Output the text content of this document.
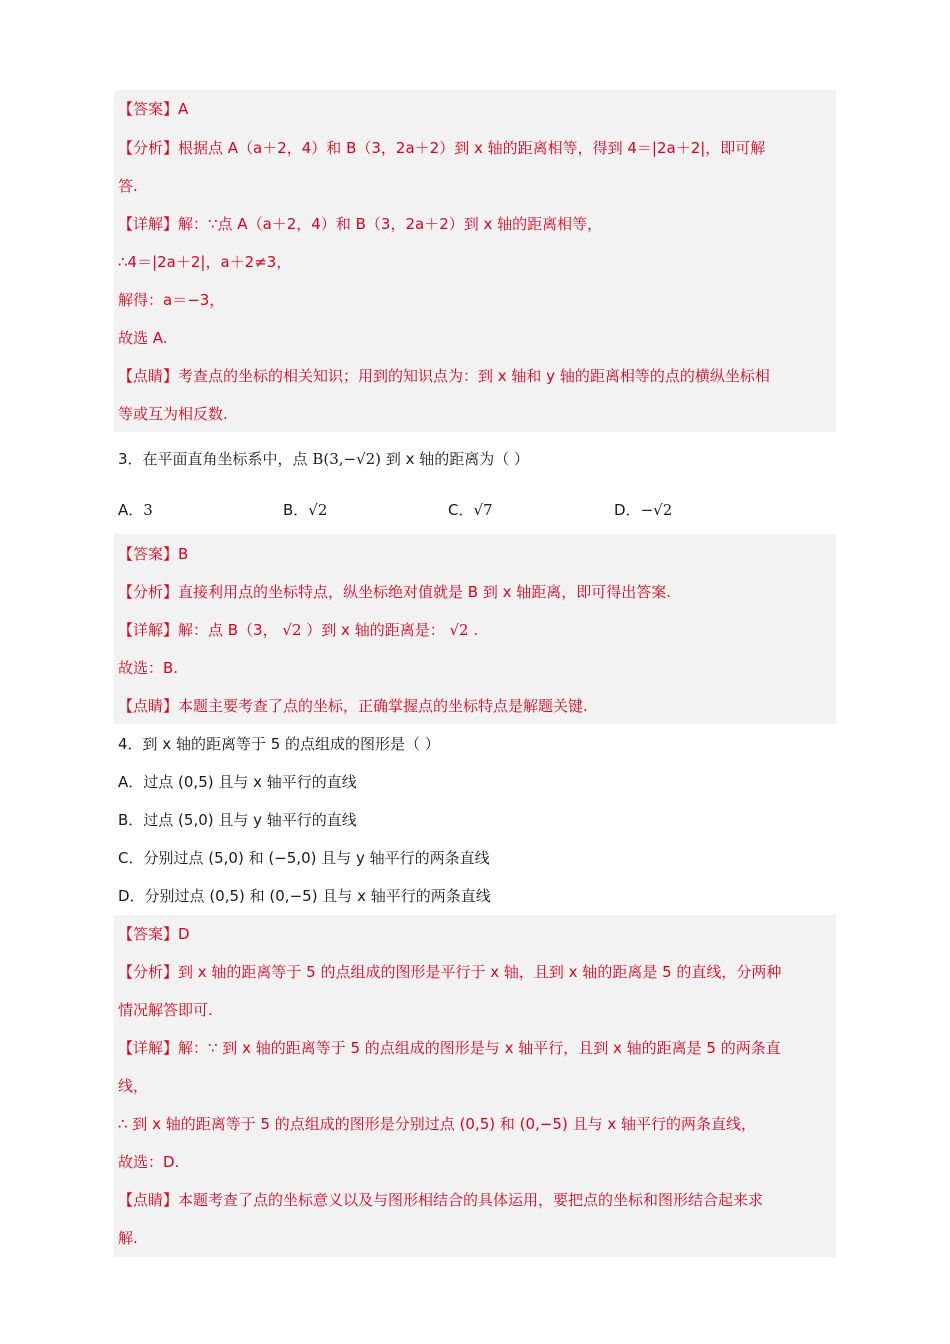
【答案】A
【分析】根据点 A（a＋2，4）和 B（3，2a＋2）到 x 轴的距离相等，得到 4＝|2a＋2|，即可解
答.
【详解】解：∵点 A（a＋2，4）和 B（3，2a＋2）到 x 轴的距离相等，
∴4＝|2a＋2|，a＋2≠3，
解得：a＝−3，
故选 A.
【点睛】考查点的坐标的相关知识；用到的知识点为：到 x 轴和 y 轴的距离相等的点的横纵坐标相
等或互为相反数.
3．在平面直角坐标系中，点 B(3,−√2) 到 x 轴的距离为（ ）
A．3	B．√2	C．√7	D．−√2
【答案】B
【分析】直接利用点的坐标特点，纵坐标绝对值就是 B 到 x 轴距离，即可得出答案.
【详解】解：点 B（3， √2 ）到 x 轴的距离是： √2 .
故选：B.
【点睛】本题主要考查了点的坐标，正确掌握点的坐标特点是解题关键.
4．到 x 轴的距离等于 5 的点组成的图形是（ ）
A．过点 (0,5) 且与 x 轴平行的直线
B．过点 (5,0) 且与 y 轴平行的直线
C．分别过点 (5,0) 和 (−5,0) 且与 y 轴平行的两条直线
D．分别过点 (0,5) 和 (0,−5) 且与 x 轴平行的两条直线
【答案】D
【分析】到 x 轴的距离等于 5 的点组成的图形是平行于 x 轴，且到 x 轴的距离是 5 的直线，分两种
情况解答即可.
【详解】解：∵ 到 x 轴的距离等于 5 的点组成的图形是与 x 轴平行，且到 x 轴的距离是 5 的两条直
线，
∴ 到 x 轴的距离等于 5 的点组成的图形是分别过点 (0,5) 和 (0,−5) 且与 x 轴平行的两条直线，
故选：D.
【点睛】本题考查了点的坐标意义以及与图形相结合的具体运用，要把点的坐标和图形结合起来求
解.
